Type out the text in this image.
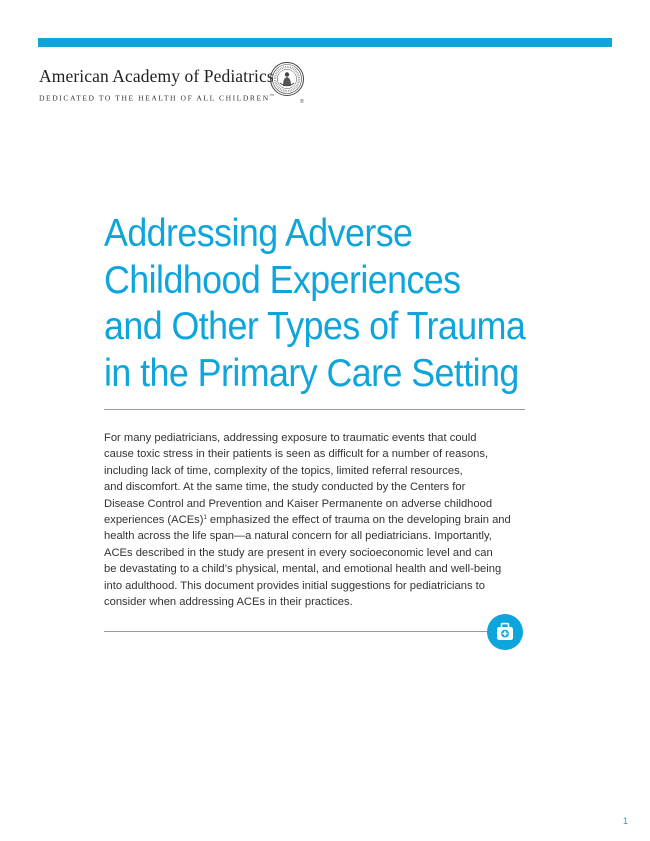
American Academy of Pediatrics
DEDICATED TO THE HEALTH OF ALL CHILDREN™
®
Addressing Adverse
Childhood Experiences
and Other Types of Trauma
in the Primary Care Setting

For many pediatricians, addressing exposure to traumatic events that could
cause toxic stress in their patients is seen as difficult for a number of reasons,
including lack of time, complexity of the topics, limited referral resources,
and discomfort. At the same time, the study conducted by the Centers for
Disease Control and Prevention and Kaiser Permanente on adverse childhood
experiences (ACEs)$^1$ emphasized the effect of trauma on the developing brain and
health across the life span—a natural concern for all pediatricians. Importantly,
ACEs described in the study are present in every socioeconomic level and can
be devastating to a child’s physical, mental, and emotional health and well-being
into adulthood. This document provides initial suggestions for pediatricians to
consider when addressing ACEs in their practices.

1
